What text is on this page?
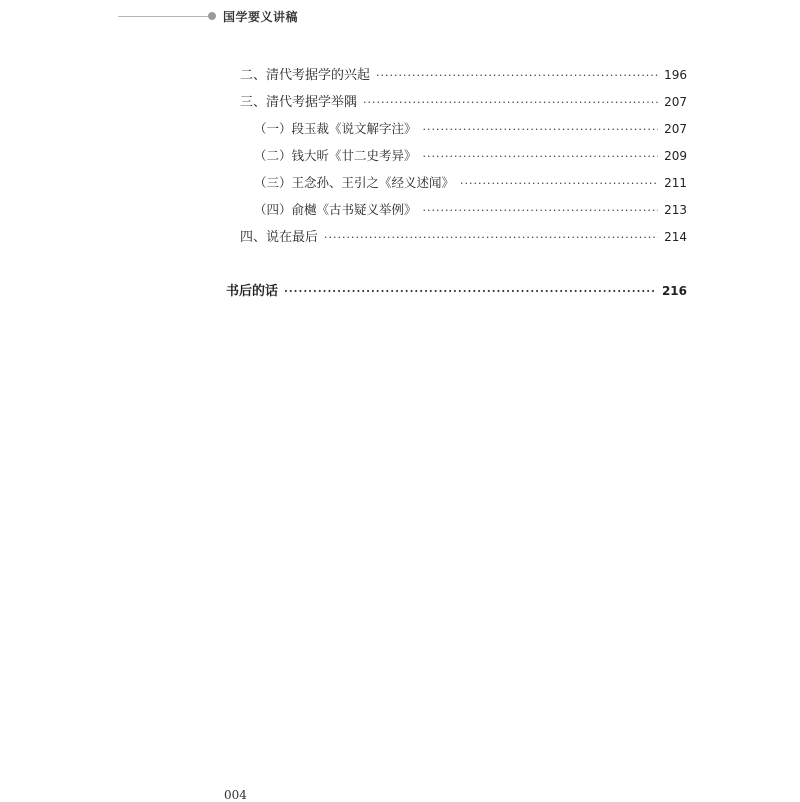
国学要义讲稿
二、清代考据学的兴起 ·····	196
三、清代考据学举隅 ·····	207
（一）段玉裁《说文解字注》 ·····	207
（二）钱大昕《廿二史考异》 ·····	209
（三）王念孙、王引之《经义述闻》 ·····	211
（四）俞樾《古书疑义举例》 ·····	213
四、说在最后 ·····	214
书后的话 ·····	216
004
